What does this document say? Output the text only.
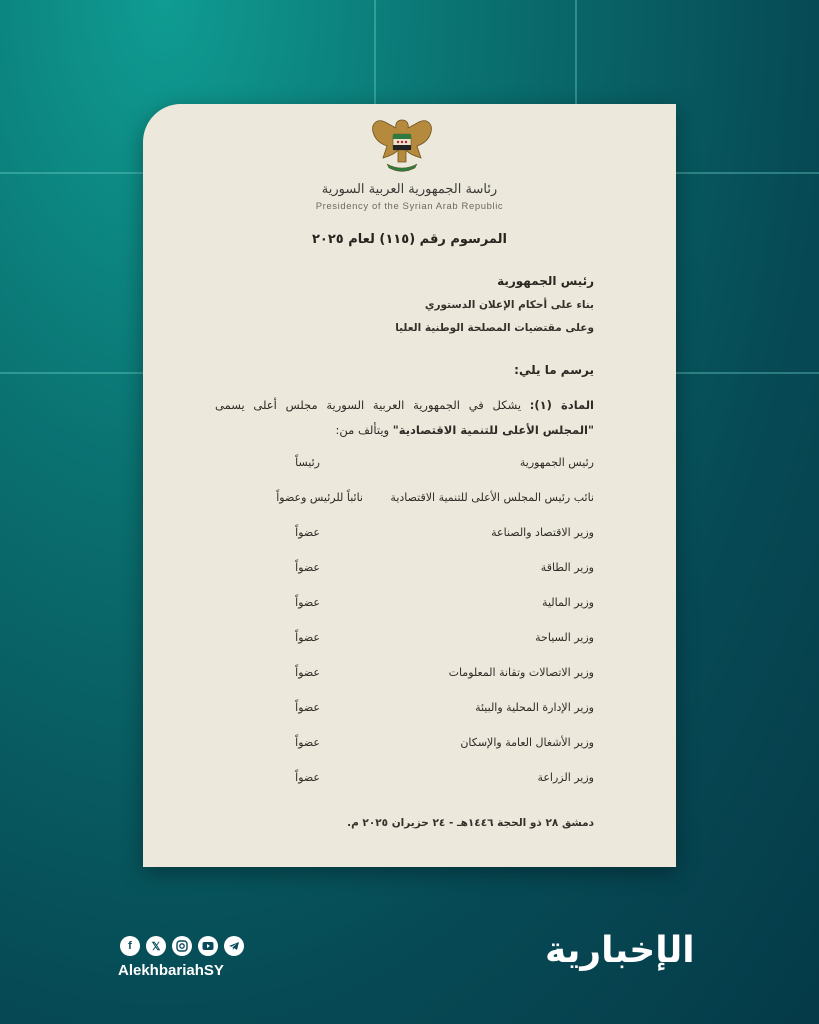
رئاسة الجمهورية العربية السورية
Presidency of the Syrian Arab Republic
المرسوم رقم (١١٥) لعام ٢٠٢٥
رئيس الجمهورية
بناء على أحكام الإعلان الدستوري
وعلى مقتضيات المصلحة الوطنية العليا
يرسم ما يلي:
المادة (١): يشكل في الجمهورية العربية السورية مجلس أعلى يسمى "المجلس الأعلى للتنمية الاقتصادية" ويتألف من:
رئيس الجمهورية
رئيساً
نائب رئيس المجلس الأعلى للتنمية الاقتصادية
نائباً للرئيس وعضواً
وزير الاقتصاد والصناعة
عضواً
وزير الطاقة
عضواً
وزير المالية
عضواً
وزير السياحة
عضواً
وزير الاتصالات وتقانة المعلومات
عضواً
وزير الإدارة المحلية والبيئة
عضواً
وزير الأشغال العامة والإسكان
عضواً
وزير الزراعة
عضواً
دمشق ٢٨ ذو الحجة ١٤٤٦هـ - ٢٤ حزيران ٢٠٢٥ م.
f	𝕏
AlekhbariahSY	الإخبارية
